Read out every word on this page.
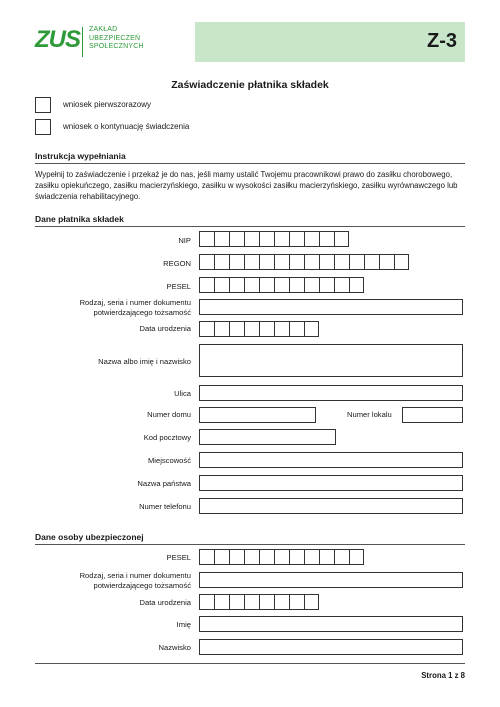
ZUS ZAKŁAD
UBEZPIECZEŃ
SPOŁECZNYCH	Z-3
Zaświadczenie płatnika składek
wniosek pierwszorazowy
wniosek o kontynuację świadczenia
Instrukcja wypełniania
Wypełnij to zaświadczenie i przekaż je do nas, jeśli mamy ustalić Twojemu pracownikowi prawo do zasiłku chorobowego, zasiłku opiekuńczego, zasiłku macierzyńskiego, zasiłku w wysokości zasiłku macierzyńskiego, zasiłku wyrównawczego lub świadczenia rehabilitacyjnego.
Dane płatnika składek
NIP
REGON
PESEL
Rodzaj, seria i numer dokumentu
potwierdzającego tożsamość
Data urodzenia
Nazwa albo imię i nazwisko
Ulica
Numer domu	Numer lokalu
Kod pocztowy
Miejscowość
Nazwa państwa
Numer telefonu
Dane osoby ubezpieczonej
PESEL
Rodzaj, seria i numer dokumentu
potwierdzającego tożsamość
Data urodzenia
Imię
Nazwisko
Strona 1 z 8
